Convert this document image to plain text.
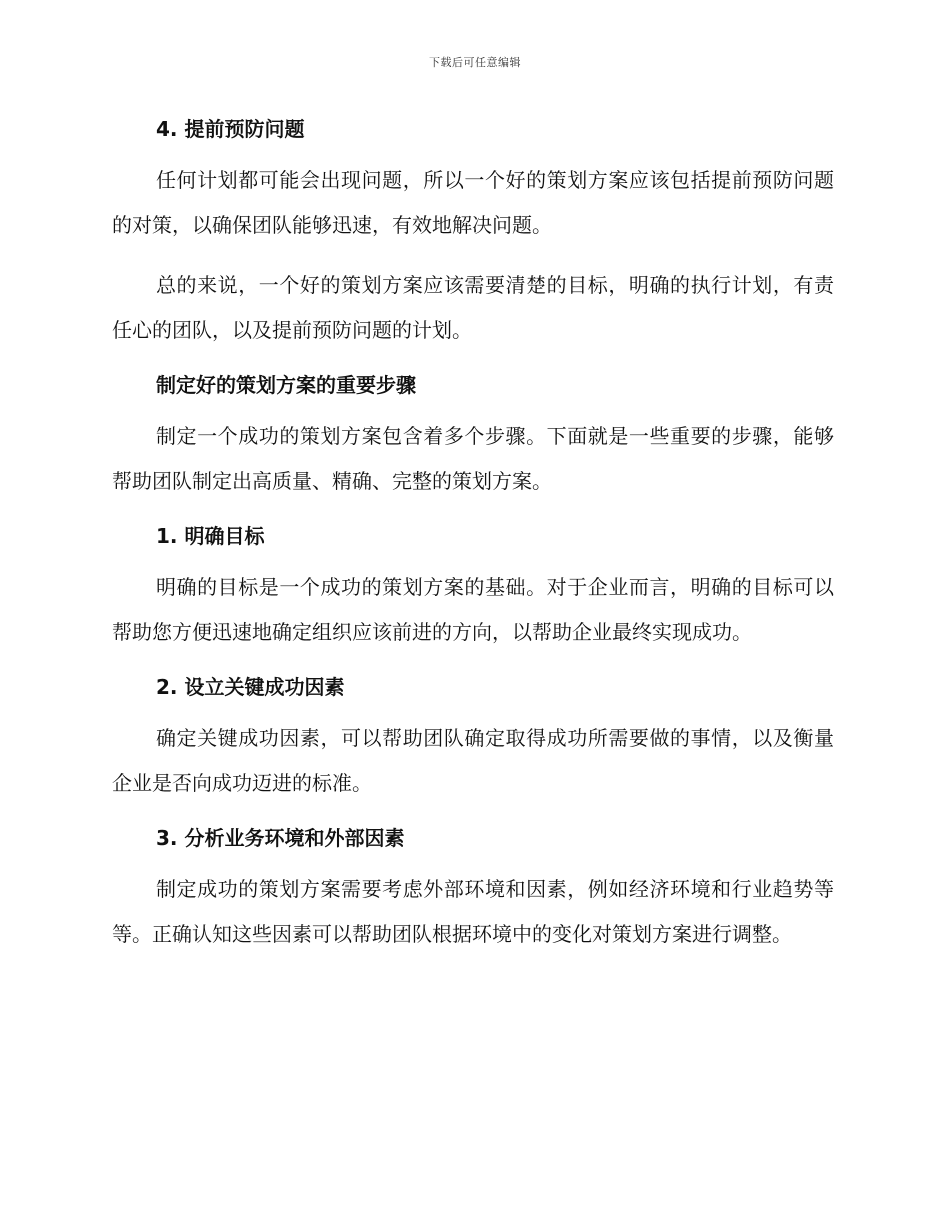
下载后可任意编辑
4. 提前预防问题

任何计划都可能会出现问题，所以一个好的策划方案应该包括提前预防问题的对策，以确保团队能够迅速，有效地解决问题。

总的来说，一个好的策划方案应该需要清楚的目标，明确的执行计划，有责任心的团队，以及提前预防问题的计划。

制定好的策划方案的重要步骤

制定一个成功的策划方案包含着多个步骤。下面就是一些重要的步骤，能够帮助团队制定出高质量、精确、完整的策划方案。

1. 明确目标

明确的目标是一个成功的策划方案的基础。对于企业而言，明确的目标可以帮助您方便迅速地确定组织应该前进的方向，以帮助企业最终实现成功。

2. 设立关键成功因素

确定关键成功因素，可以帮助团队确定取得成功所需要做的事情，以及衡量企业是否向成功迈进的标准。

3. 分析业务环境和外部因素

制定成功的策划方案需要考虑外部环境和因素，例如经济环境和行业趋势等等。正确认知这些因素可以帮助团队根据环境中的变化对策划方案进行调整。
